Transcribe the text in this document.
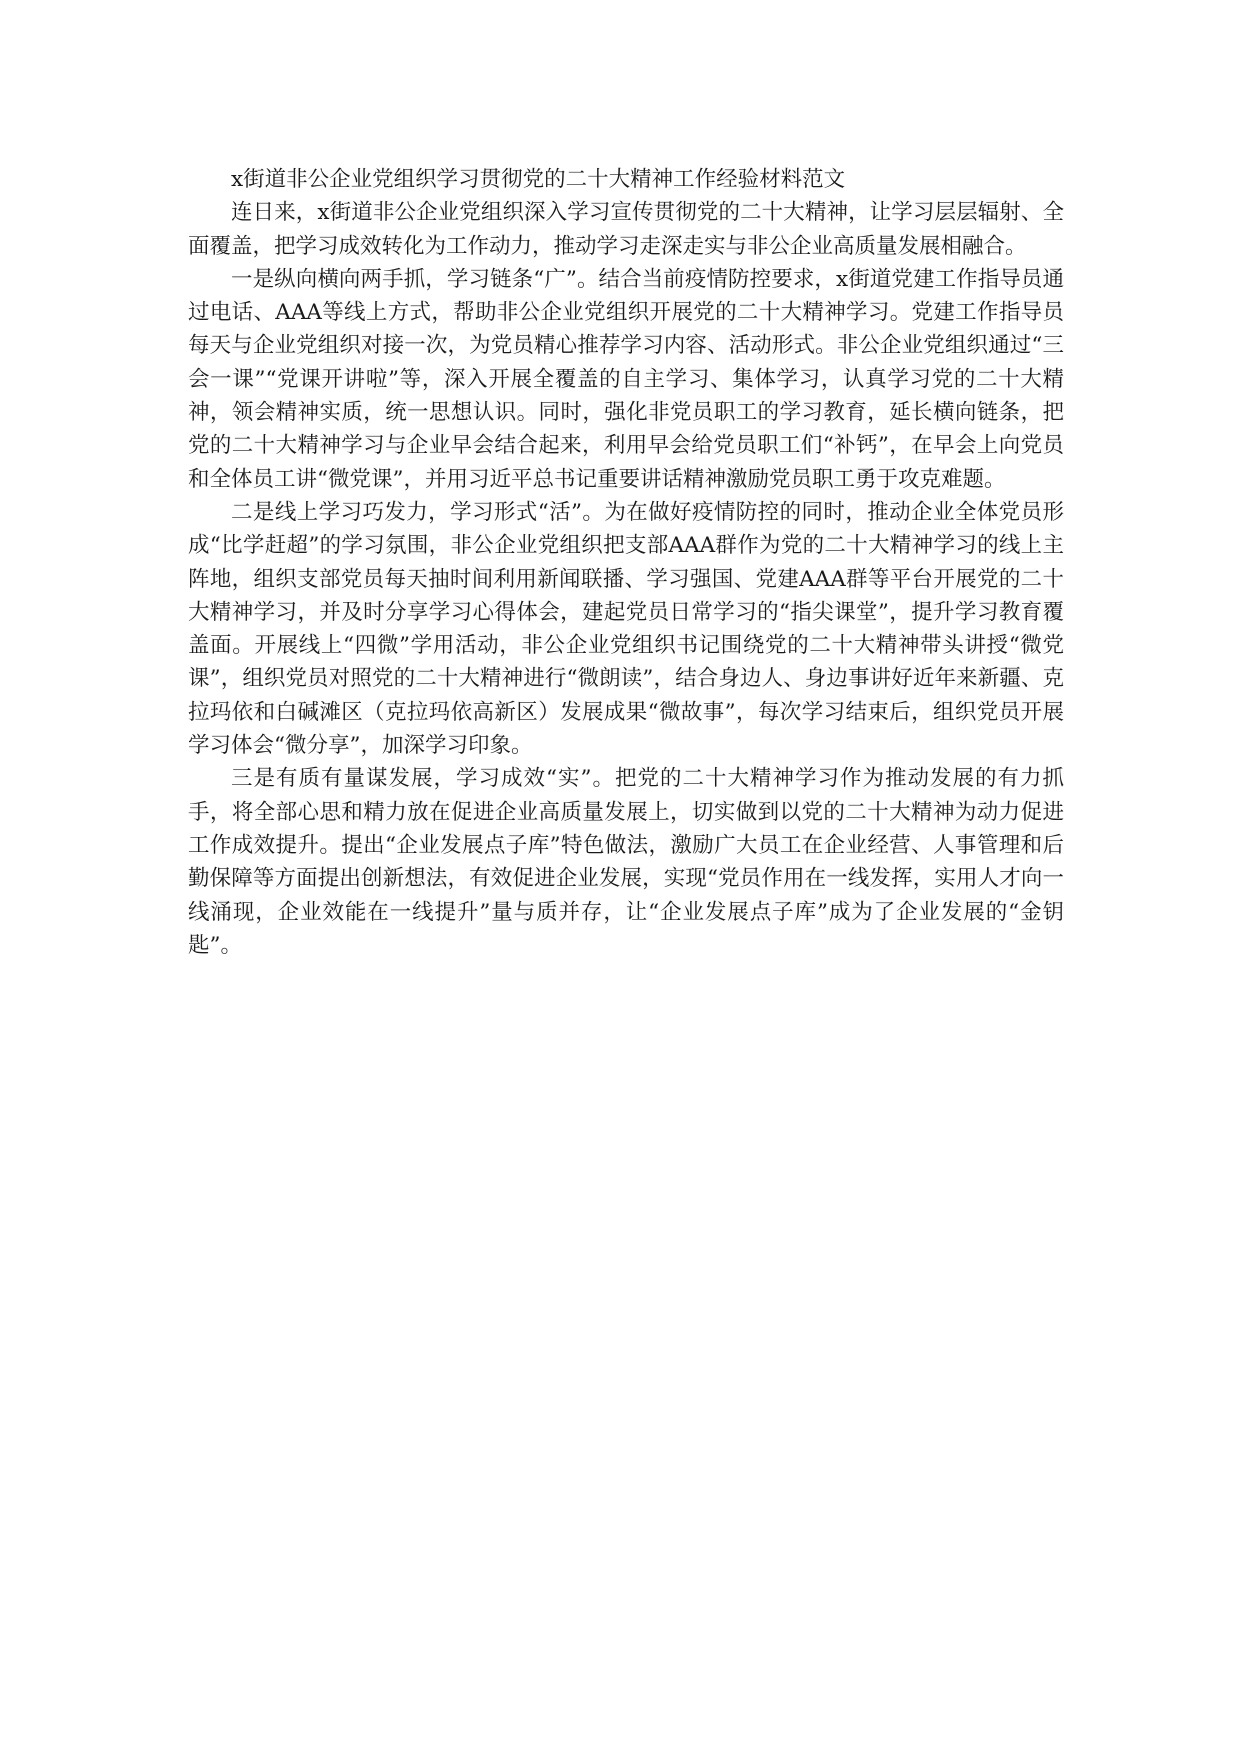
x街道非公企业党组织学习贯彻党的二十大精神工作经验材料范文

连日来，x街道非公企业党组织深入学习宣传贯彻党的二十大精神，让学习层层辐射、全面覆盖，把学习成效转化为工作动力，推动学习走深走实与非公企业高质量发展相融合。

一是纵向横向两手抓，学习链条“广”。结合当前疫情防控要求，x街道党建工作指导员通过电话、AAA等线上方式，帮助非公企业党组织开展党的二十大精神学习。党建工作指导员每天与企业党组织对接一次，为党员精心推荐学习内容、活动形式。非公企业党组织通过“三会一课”“党课开讲啦”等，深入开展全覆盖的自主学习、集体学习，认真学习党的二十大精神，领会精神实质，统一思想认识。同时，强化非党员职工的学习教育，延长横向链条，把党的二十大精神学习与企业早会结合起来，利用早会给党员职工们“补钙”，在早会上向党员和全体员工讲“微党课”，并用习近平总书记重要讲话精神激励党员职工勇于攻克难题。

二是线上学习巧发力，学习形式“活”。为在做好疫情防控的同时，推动企业全体党员形成“比学赶超”的学习氛围，非公企业党组织把支部AAA群作为党的二十大精神学习的线上主阵地，组织支部党员每天抽时间利用新闻联播、学习强国、党建AAA群等平台开展党的二十大精神学习，并及时分享学习心得体会，建起党员日常学习的“指尖课堂”，提升学习教育覆盖面。开展线上“四微”学用活动，非公企业党组织书记围绕党的二十大精神带头讲授“微党课”，组织党员对照党的二十大精神进行“微朗读”，结合身边人、身边事讲好近年来新疆、克拉玛依和白碱滩区（克拉玛依高新区）发展成果“微故事”，每次学习结束后，组织党员开展学习体会“微分享”，加深学习印象。

三是有质有量谋发展，学习成效“实”。把党的二十大精神学习作为推动发展的有力抓手，将全部心思和精力放在促进企业高质量发展上，切实做到以党的二十大精神为动力促进工作成效提升。提出“企业发展点子库”特色做法，激励广大员工在企业经营、人事管理和后勤保障等方面提出创新想法，有效促进企业发展，实现“党员作用在一线发挥，实用人才向一线涌现，企业效能在一线提升”量与质并存，让“企业发展点子库”成为了企业发展的“金钥匙”。
